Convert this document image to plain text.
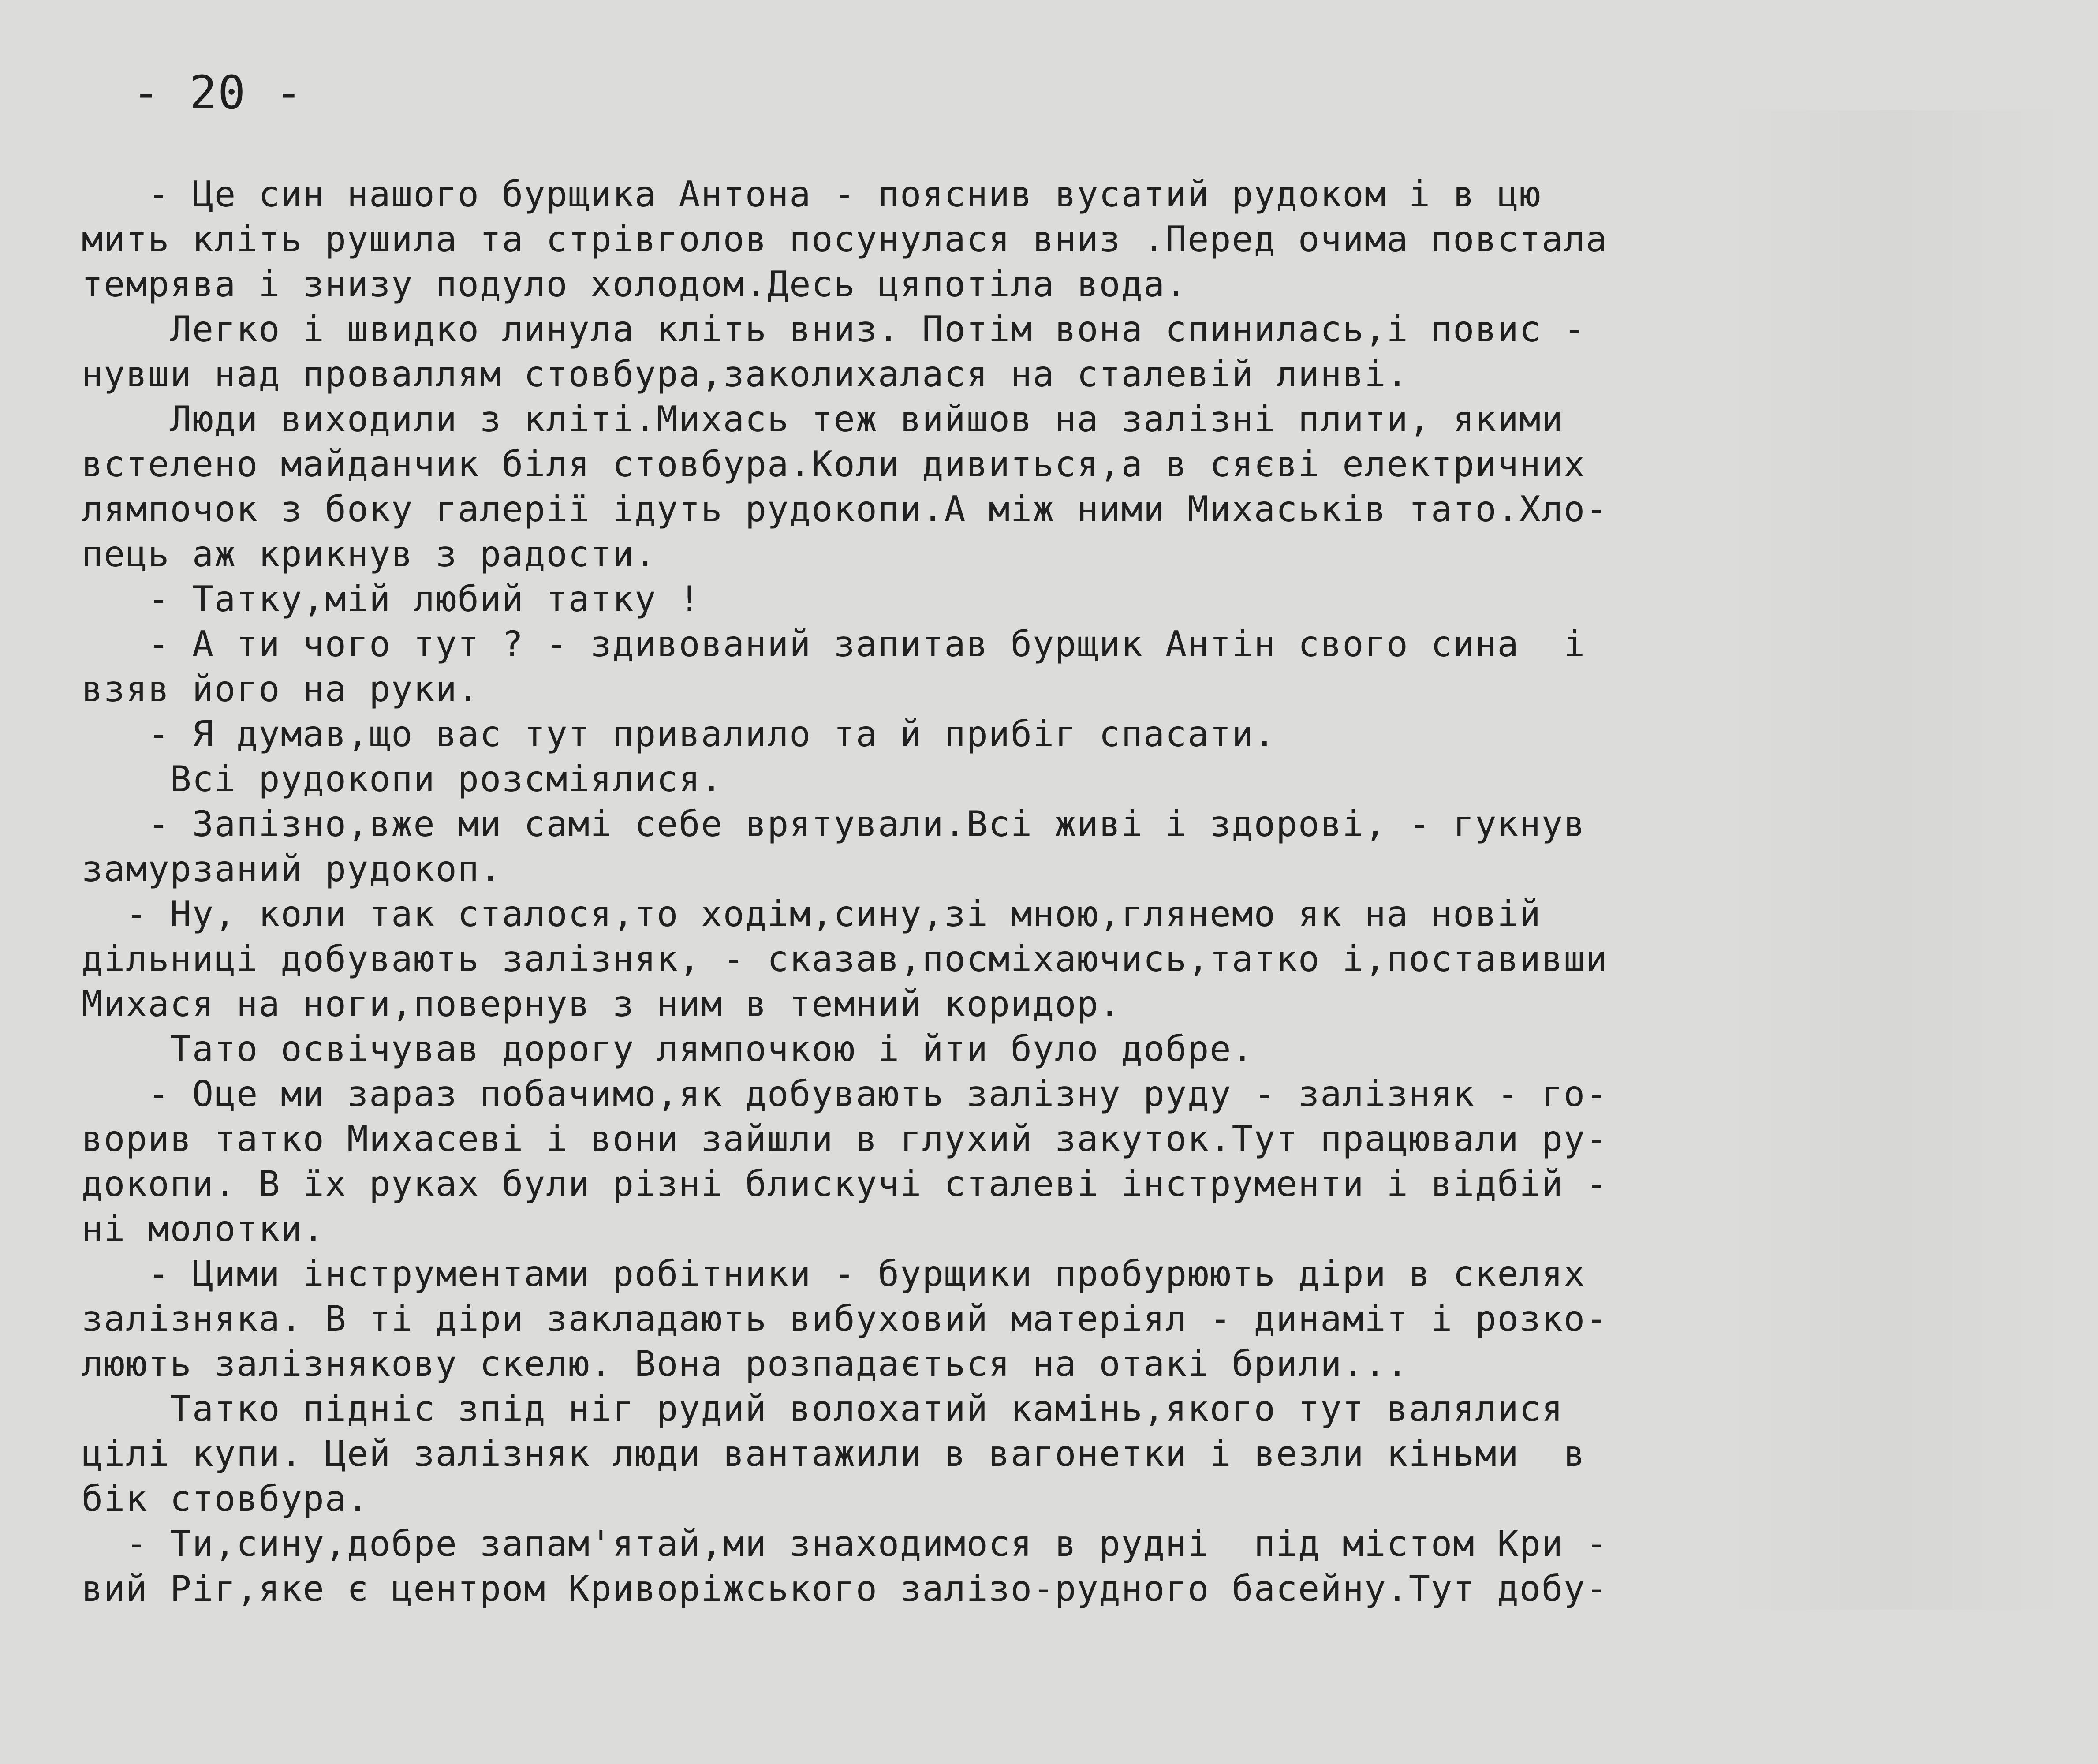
- 20 -
- Це син нашого бурщика Антона - пояснив вусатий рудоком і в цю
мить кліть рушила та стрівголов посунулася вниз .Перед очима повстала
темрява і знизу подуло холодом.Десь цяпотіла вода.
Легко і швидко линула кліть вниз. Потім вона спинилась,і повис -
нувши над проваллям стовбура,заколихалася на сталевій линві.
Люди виходили з кліті.Михась теж вийшов на залізні плити, якими
встелено майданчик біля стовбура.Коли дивиться,а в сяєві електричних
лямпочок з боку галерії ідуть рудокопи.А між ними Михаськів тато.Хло-
пець аж крикнув з радости.
- Татку,мій любий татку !
- А ти чого тут ? - здивований запитав бурщик Антін свого сина  і
взяв його на руки.
- Я думав,що вас тут привалило та й прибіг спасати.
Всі рудокопи розсміялися.
- Запізно,вже ми самі себе врятували.Всі живі і здорові, - гукнув
замурзаний рудокоп.
- Ну, коли так сталося,то ходім,сину,зі мною,глянемо як на новій
дільниці добувають залізняк, - сказав,посміхаючись,татко і,поставивши
Михася на ноги,повернув з ним в темний коридор.
Тато освічував дорогу лямпочкою і йти було добре.
- Оце ми зараз побачимо,як добувають залізну руду - залізняк - го-
ворив татко Михасеві і вони зайшли в глухий закуток.Тут працювали ру-
докопи. В їх руках були різні блискучі сталеві інструменти і відбій -
ні молотки.
- Цими інструментами робітники - бурщики пробурюють діри в скелях
залізняка. В ті діри закладають вибуховий матеріял - динаміт і розко-
люють залізнякову скелю. Вона розпадається на отакі брили...
Татко підніс зпід ніг рудий волохатий камінь,якого тут валялися
цілі купи. Цей залізняк люди вантажили в вагонетки і везли кіньми  в
бік стовбура.
- Ти,сину,добре запам'ятай,ми знаходимося в рудні  під містом Кри -
вий Ріг,яке є центром Криворіжського залізо-рудного басейну.Тут добу-
